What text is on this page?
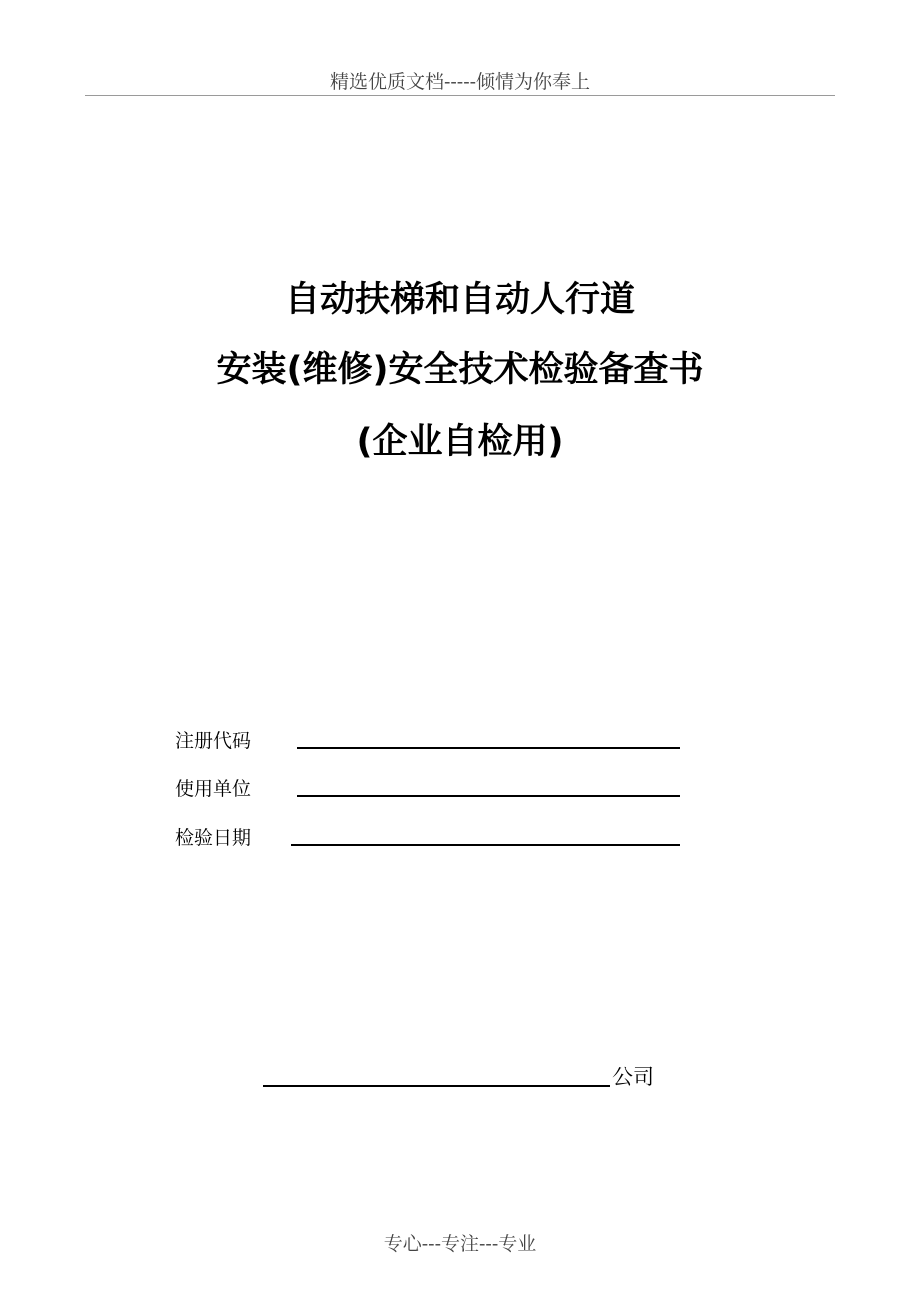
精选优质文档-----倾情为你奉上
自动扶梯和自动人行道
安装(维修)安全技术检验备查书
(企业自检用)
注册代码
使用单位
检验日期
公司
专心---专注---专业
